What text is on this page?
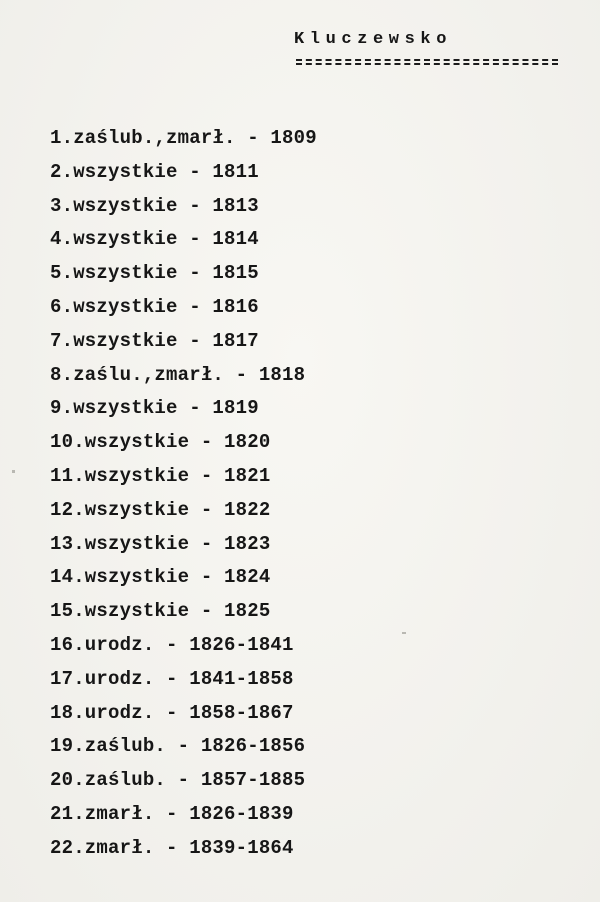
Kluczewsko
1.zaślub.,zmarł. - 1809
2.wszystkie - 1811
3.wszystkie - 1813
4.wszystkie - 1814
5.wszystkie - 1815
6.wszystkie - 1816
7.wszystkie - 1817
8.zaślu.,zmarł. - 1818
9.wszystkie - 1819
10.wszystkie - 1820
11.wszystkie - 1821
12.wszystkie - 1822
13.wszystkie - 1823
14.wszystkie - 1824
15.wszystkie - 1825
16.urodz. - 1826-1841
17.urodz. - 1841-1858
18.urodz. - 1858-1867
19.zaślub. - 1826-1856
20.zaślub. - 1857-1885
21.zmarł. - 1826-1839
22.zmarł. - 1839-1864
